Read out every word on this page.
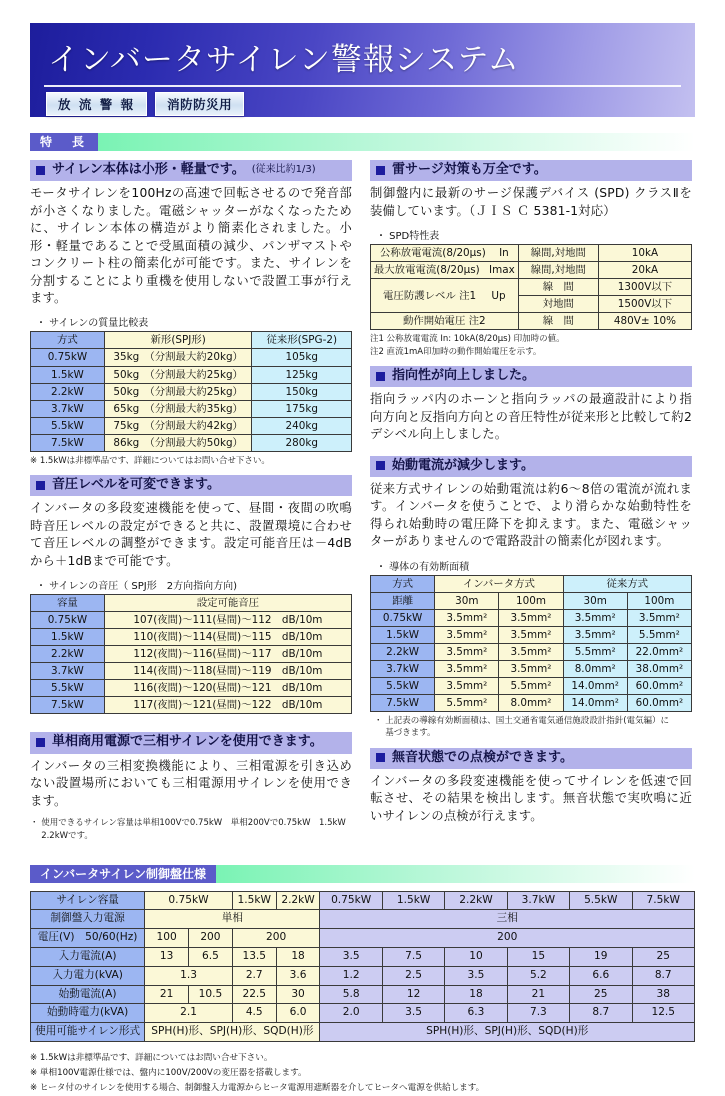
インバータサイレン警報システム
放 流 警 報	消防防災用
特　長
サイレン本体は小形・軽量です。 (従来比約1/3)

モータサイレンを100Hzの高速で回転させるので発音部が小さくなりました。電磁シャッターがなくなったために、サイレン本体の構造がより簡素化されました。小形・軽量であることで受風面積の減少、パンザマストやコンクリート柱の簡素化が可能です。また、サイレンを分割することにより重機を使用しないで設置工事が行えます。

・ サイレンの質量比較表
方式	新形(SPJ形)	従来形(SPG-2)
0.75kW	35kg　（分割最大約20kg）	105kg
1.5kW	50kg　（分割最大約25kg）	125kg
2.2kW	50kg　（分割最大約25kg）	150kg
3.7kW	65kg　（分割最大約35kg）	175kg
5.5kW	75kg　（分割最大約42kg）	240kg
7.5kW	86kg　（分割最大約50kg）	280kg
※ 1.5kWは非標準品です、詳細についてはお問い合せ下さい。
音圧レベルを可変できます。

インバータの多段変速機能を使って、昼間・夜間の吹鳴時音圧レベルの設定ができると共に、設置環境に合わせて音圧レベルの調整ができます。設定可能音圧は－4dBから＋1dBまで可能です。

・ サイレンの音圧（ SPJ形　2方向指向方向)
容量	設定可能音圧
0.75kW	107(夜間)～111(昼間)～112　dB/10m
1.5kW	110(夜間)～114(昼間)～115　dB/10m
2.2kW	112(夜間)～116(昼間)～117　dB/10m
3.7kW	114(夜間)～118(昼間)～119　dB/10m
5.5kW	116(夜間)～120(昼間)～121　dB/10m
7.5kW	117(夜間)～121(昼間)～122　dB/10m
単相商用電源で三相サイレンを使用できます。

インバータの三相変換機能により、三相電源を引き込めない設置場所においても三相電源用サイレンを使用できます。

・ 使用できるサイレン容量は単相100Vで0.75kW　単相200Vで0.75kW　1.5kW
　 2.2kWです。
雷サージ対策も万全です。

制御盤内に最新のサージ保護デバイス (SPD) クラスⅡを装備しています。（ＪＩＳ Ｃ 5381-1対応）

・ SPD特性表
公称放電電流(8/20μs) In	線間,対地間	10kA
最大放電電流(8/20μs) Imax	線間,対地間	20kA
電圧防護レベル 注1 Up	線　間	1300V以下
	対地間	1500V以下
動作開始電圧 注2	線　間	480V± 10%
注1 公称放電電流 In: 10kA(8/20μs) 印加時の値。
注2 直流1mA印加時の動作開始電圧を示す。
指向性が向上しました。

指向ラッパ内のホーンと指向ラッパの最適設計により指向方向と反指向方向との音圧特性が従来形と比較して約2デシベル向上しました。

始動電流が減少します。

従来方式サイレンの始動電流は約6～8倍の電流が流れます。インバータを使うことで、より滑らかな始動特性を得られ始動時の電圧降下を抑えます。また、電磁シャッターがありませんので電路設計の簡素化が図れます。

・ 導体の有効断面積
方式	インバータ方式		従来方式	
距離	30m	100m	30m	100m
0.75kW	3.5mm²	3.5mm²	3.5mm²	3.5mm²
1.5kW	3.5mm²	3.5mm²	3.5mm²	5.5mm²
2.2kW	3.5mm²	3.5mm²	5.5mm²	22.0mm²
3.7kW	3.5mm²	3.5mm²	8.0mm²	38.0mm²
5.5kW	3.5mm²	5.5mm²	14.0mm²	60.0mm²
7.5kW	5.5mm²	8.0mm²	14.0mm²	60.0mm²
・ 上記表の導線有効断面積は、国土交通省電気通信施設設計指針(電気編）に
　 基づきます。
無音状態での点検ができます。

インバータの多段変速機能を使ってサイレンを低速で回転させ、その結果を検出します。無音状態で実吹鳴に近いサイレンの点検が行えます。

インバータサイレン制御盤仕様
サイレン容量	0.75kW		1.5kW	2.2kW	0.75kW	1.5kW	2.2kW	3.7kW	5.5kW	7.5kW
制御盤入力電源	単相				三相					
電圧(V)　50/60(Hz)	100	200	200		200					
入力電流(A)	13	6.5	13.5	18	3.5	7.5	10	15	19	25
入力電力(kVA)	1.3		2.7	3.6	1.2	2.5	3.5	5.2	6.6	8.7
始動電流(A)	21	10.5	22.5	30	5.8	12	18	21	25	38
始動時電力(kVA)	2.1		4.5	6.0	2.0	3.5	6.3	7.3	8.7	12.5
使用可能サイレン形式	SPH(H)形、SPJ(H)形、SQD(H)形				SPH(H)形、SPJ(H)形、SQD(H)形					
※ 1.5kWは非標準品です、詳細についてはお問い合せ下さい。
※ 単相100V電源仕様では、盤内に100V/200Vの変圧器を搭載します。
※ ヒータ付のサイレンを使用する場合、制御盤入力電源からヒータ電源用遮断器を介してヒータへ電源を供給します。
